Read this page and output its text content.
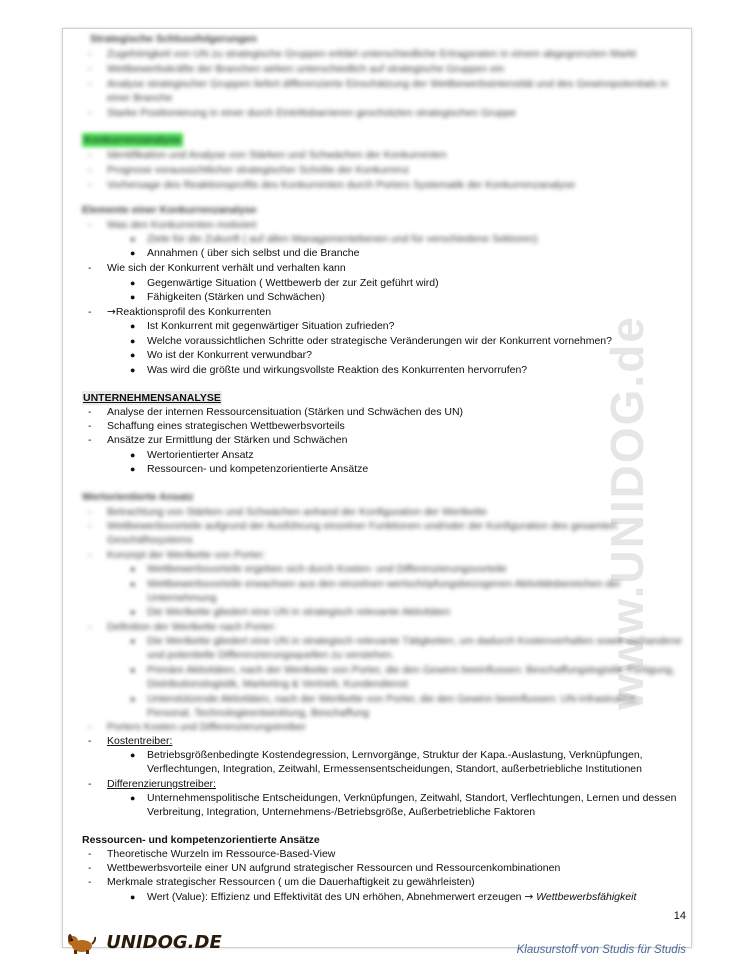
www.UNIDOG.de
Strategische Schlussfolgerungen
- Zugehörigkeit von UN zu strategische Gruppen erklärt unterschiedliche Ertragsraten in einem abgegrenzten Markt
- Wettbewerbskräfte der Branchen wirken unterschiedlich auf strategische Gruppen ein
- Analyse strategischer Gruppen liefert differenzierte Einschätzung der Wettbewerbsintensität und des Gewinnpotentials in
einer Branche
- Starke Positionierung in einer durch Eintrittsbarrieren geschützten strategischen Gruppe
Konkurrenzanalyse
- Identifikation und Analyse von Stärken und Schwächen der Konkurrenten
- Prognose voraussichtlicher strategischer Schritte der Konkurrenz
- Vorhersage des Reaktionsprofils des Konkurrenten durch Porters Systematik der Konkurrenzanalyse
Elemente einer Konkurrenzanalyse
- Was den Konkurrenten motiviert
● Ziele für die Zukunft ( auf allen Managementebenen und für verschiedene Sektoren)
● Annahmen ( über sich selbst und die Branche
- Wie sich der Konkurrent verhält und verhalten kann
● Gegenwärtige Situation ( Wettbewerb der zur Zeit geführt wird)
● Fähigkeiten (Stärken und Schwächen)
- →Reaktionsprofil des Konkurrenten
● Ist Konkurrent mit gegenwärtiger Situation zufrieden?
● Welche voraussichtlichen Schritte oder strategische Veränderungen wir der Konkurrent vornehmen?
● Wo ist der Konkurrent verwundbar?
● Was wird die größte und wirkungsvollste Reaktion des Konkurrenten hervorrufen?
UNTERNEHMENSANALYSE
- Analyse der internen Ressourcensituation (Stärken und Schwächen des UN)
- Schaffung eines strategischen Wettbewerbsvorteils
- Ansätze zur Ermittlung der Stärken und Schwächen
● Wertorientierter Ansatz
● Ressourcen- und kompetenzorientierte Ansätze
Wertorientierte Ansatz
- Betrachtung von Stärken und Schwächen anhand der Konfiguration der Wertkette
- Wettbewerbsvorteile aufgrund der Ausführung einzelner Funktionen und/oder der Konfiguration des gesamten
Geschäftssystems
- Konzept der Wertkette von Porter:
● Wettbewerbsvorteile ergeben sich durch Kosten- und Differenzierungsvorteile
● Wettbewerbsvorteile erwachsen aus den einzelnen wertschöpfungsbezogenen Aktivitätsbereichen der
Unternehmung
● Die Wertkette gliedert eine UN in strategisch relevante Aktivitäten
- Definition der Wertkette nach Porter:
● Die Wertkette gliedert eine UN in strategisch relevante Tätigkeiten, um dadurch Kostenverhalten sowie vorhandene
und potentielle Differenzierungsquellen zu verstehen.
● Primäre Aktivitäten, nach der Wertkette von Porter, die den Gewinn beeinflussen: Beschaffungslogistik, Fertigung,
Distributionslogistik, Marketing & Vertrieb, Kundendienst
● Unterstützende Aktivitäten, nach der Wertkette von Porter, die den Gewinn beeinflussen: UN-Infrastruktur,
Personal, Technologieentwicklung, Beschaffung
- Porters Kosten und Differenzierungstreiber
- Kostentreiber:
● Betriebsgrößenbedingte Kostendegression, Lernvorgänge, Struktur der Kapa.-Auslastung, Verknüpfungen,
Verflechtungen, Integration, Zeitwahl, Ermessensentscheidungen, Standort, außerbetriebliche Institutionen
- Differenzierungstreiber:
● Unternehmenspolitische Entscheidungen, Verknüpfungen, Zeitwahl, Standort, Verflechtungen, Lernen und dessen
Verbreitung, Integration, Unternehmens-/Betriebsgröße, Außerbetriebliche Faktoren
Ressourcen- und kompetenzorientierte Ansätze
- Theoretische Wurzeln im Ressource-Based-View
- Wettbewerbsvorteile einer UN aufgrund strategischer Ressourcen und Ressourcenkombinationen
- Merkmale strategischer Ressourcen ( um die Dauerhaftigkeit zu gewährleisten)
● Wert (Value): Effizienz und Effektivität des UN erhöhen, Abnehmerwert erzeugen → Wettbewerbsfähigkeit
14
UNIDOG.DE	Klausurstoff von Studis für Studis
